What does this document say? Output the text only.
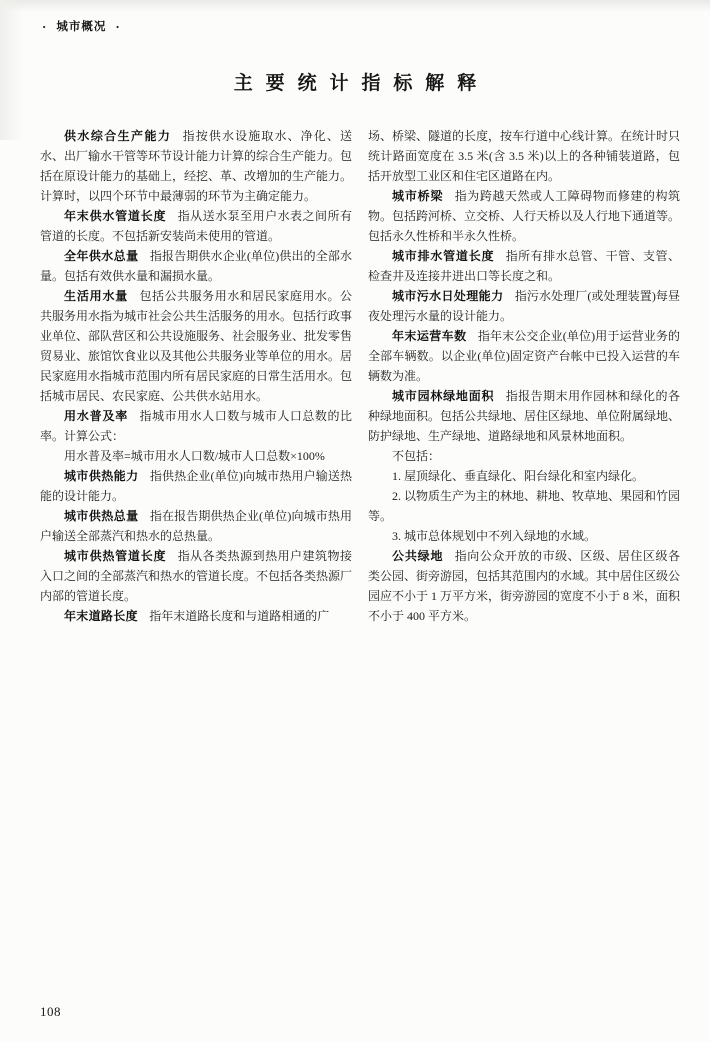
· 城市概况 ·
主要统计指标解释

供水综合生产能力 指按供水设施取水、净化、送水、出厂输水干管等环节设计能力计算的综合生产能力。包括在原设计能力的基础上，经挖、革、改增加的生产能力。计算时，以四个环节中最薄弱的环节为主确定能力。

年末供水管道长度 指从送水泵至用户水表之间所有管道的长度。不包括新安装尚未使用的管道。

全年供水总量 指报告期供水企业(单位)供出的全部水量。包括有效供水量和漏损水量。

生活用水量 包括公共服务用水和居民家庭用水。公共服务用水指为城市社会公共生活服务的用水。包括行政事业单位、部队营区和公共设施服务、社会服务业、批发零售贸易业、旅馆饮食业以及其他公共服务业等单位的用水。居民家庭用水指城市范围内所有居民家庭的日常生活用水。包括城市居民、农民家庭、公共供水站用水。

用水普及率 指城市用水人口数与城市人口总数的比率。计算公式：

用水普及率=城市用水人口数/城市人口总数×100%

城市供热能力 指供热企业(单位)向城市热用户输送热能的设计能力。

城市供热总量 指在报告期供热企业(单位)向城市热用户输送全部蒸汽和热水的总热量。

城市供热管道长度 指从各类热源到热用户建筑物接入口之间的全部蒸汽和热水的管道长度。不包括各类热源厂内部的管道长度。

年末道路长度 指年末道路长度和与道路相通的广

场、桥梁、隧道的长度，按车行道中心线计算。在统计时只统计路面宽度在 3.5 米(含 3.5 米)以上的各种铺装道路，包括开放型工业区和住宅区道路在内。

城市桥梁 指为跨越天然或人工障碍物而修建的构筑物。包括跨河桥、立交桥、人行天桥以及人行地下通道等。包括永久性桥和半永久性桥。

城市排水管道长度 指所有排水总管、干管、支管、检查井及连接井进出口等长度之和。

城市污水日处理能力 指污水处理厂(或处理装置)每昼夜处理污水量的设计能力。

年末运营车数 指年末公交企业(单位)用于运营业务的全部车辆数。以企业(单位)固定资产台帐中已投入运营的车辆数为准。

城市园林绿地面积 指报告期末用作园林和绿化的各种绿地面积。包括公共绿地、居住区绿地、单位附属绿地、防护绿地、生产绿地、道路绿地和风景林地面积。

不包括：

1. 屋顶绿化、垂直绿化、阳台绿化和室内绿化。

2. 以物质生产为主的林地、耕地、牧草地、果园和竹园等。

3. 城市总体规划中不列入绿地的水域。

公共绿地 指向公众开放的市级、区级、居住区级各类公园、街旁游园，包括其范围内的水域。其中居住区级公园应不小于 1 万平方米，街旁游园的宽度不小于 8 米，面积不小于 400 平方米。

108
